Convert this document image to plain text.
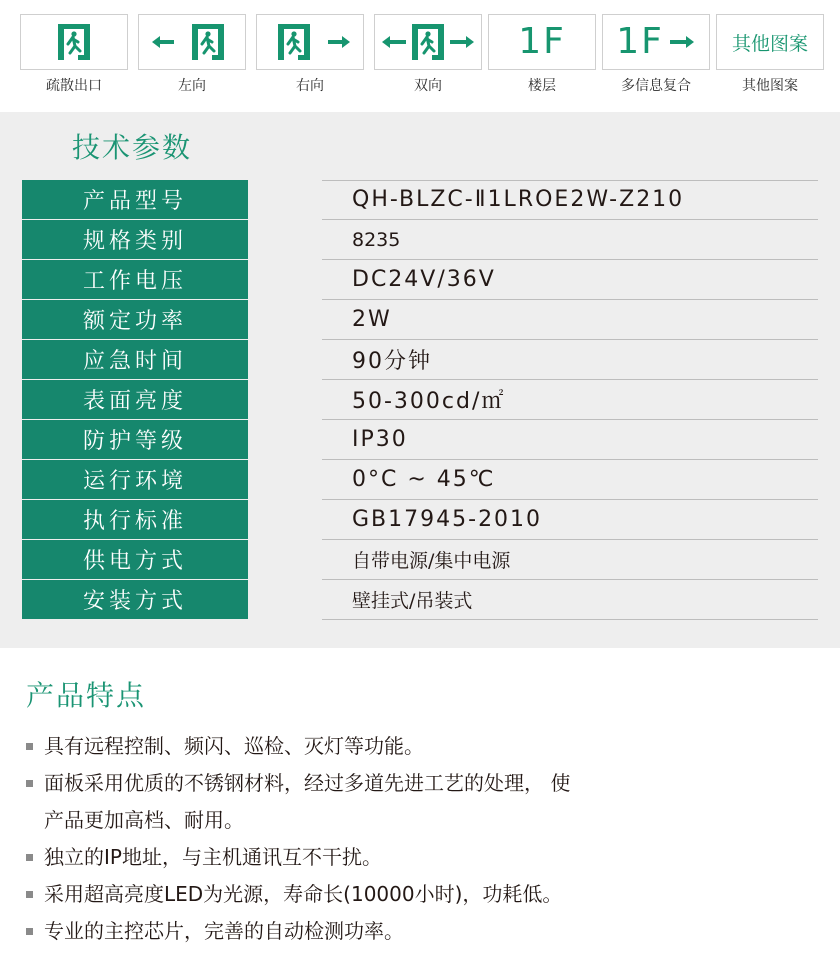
疏散出口	左向	右向	双向
1F
楼层
1F
多信息复合
其他图案
其他图案
技术参数
产品型号	QH-BLZC-Ⅱ1LROE2W-Z210
规格类别	8235
工作电压	DC24V/36V
额定功率	2W
应急时间	90分钟
表面亮度	50-300cd/㎡
防护等级	IP30
运行环境	0°C ~ 45℃
执行标准	GB17945-2010
供电方式	自带电源/集中电源
安装方式	壁挂式/吊装式
产品特点
具有远程控制、频闪、巡检、灭灯等功能。
面板采用优质的不锈钢材料，经过多道先进工艺的处理， 使
产品更加高档、耐用。
独立的IP地址，与主机通讯互不干扰。
采用超高亮度LED为光源，寿命长(10000小时)，功耗低。
专业的主控芯片，完善的自动检测功率。
